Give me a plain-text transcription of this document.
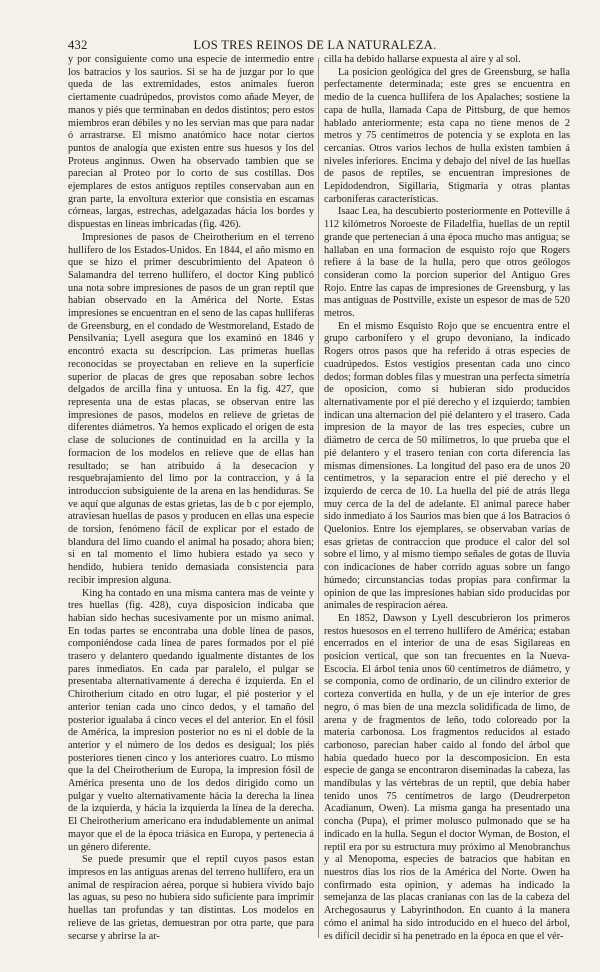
432	LOS TRES REINOS DE LA NATURALEZA.

y por consiguiente como una especie de intermedio entre los batracios y los saurios. Si se ha de juzgar por lo que queda de las extremidades, estos animales fueron ciertamente cuadrúpedos, provistos como añade Meyer, de manos y piés que terminaban en dedos distintos; pero estos miembros eran débiles y no les servian mas que para nadar ó arrastrarse. El mismo anatómico hace notar ciertos puntos de analogía que existen entre sus huesos y los del Proteus anginnus. Owen ha observado tambien que se parecian al Proteo por lo corto de sus costillas. Dos ejemplares de estos antiguos reptiles conservaban aun en gran parte, la envoltura exterior que consistia en escamas córneas, largas, estrechas, adelgazadas hácia los bordes y dispuestas en líneas imbricadas (fig. 426).

Impresiones de pasos de Cheirotherium en el terreno hullífero de los Estados-Unidos. En 1844, el año mismo en que se hizo el primer descubrimiento del Apateon ó Salamandra del terreno hullífero, el doctor King publicó una nota sobre impresiones de pasos de un gran reptil que habian observado en la América del Norte. Estas impresiones se encuentran en el seno de las capas hulliferas de Greensburg, en el condado de Westmoreland, Estado de Pensilvania; Lyell asegura que los examinó en 1846 y encontró exacta su descripcion. Las primeras huellas reconocidas se proyectaban en relieve en la superficie superior de placas de gres que reposaban sobre lechos delgados de arcilla fina y untuosa. En la fig. 427, que representa una de estas placas, se observan entre las impresiones de pasos, modelos en relieve de grietas de diferentes diámetros. Ya hemos explicado el origen de esta clase de soluciones de continuidad en la arcilla y la formacion de los modelos en relieve que de ellas han resultado; se han atribuido á la desecacion y resquebrajamiento del limo por la contraccion, y á la introduccion subsiguiente de la arena en las hendiduras. Se ve aquí que algunas de estas grietas, las de b c por ejemplo, atraviesan huellas de pasos y producen en ellas una especie de torsion, fenómeno fácil de explicar por el estado de blandura del limo cuando el animal ha posado; ahora bien; si en tal momento el limo hubiera estado ya seco y hendido, hubiera tenido demasiada consistencia para recibir impresion alguna.

King ha contado en una misma cantera mas de veinte y tres huellas (fig. 428), cuya disposicion indicaba que habian sido hechas sucesivamente por un mismo animal. En todas partes se encontraba una doble línea de pasos, componiéndose cada línea de pares formados por el pié trasero y delantero quedando igualmente distantes de los pares inmediatos. En cada par paralelo, el pulgar se presentaba alternativamente á derecha é izquierda. En el Chirotherium citado en otro lugar, el pié posterior y el anterior tenian cada uno cinco dedos, y el tamaño del posterior igualaba á cinco veces el del anterior. En el fósil de América, la impresion posterior no es ni el doble de la anterior y el número de los dedos es desigual; los piés posteriores tienen cinco y los anteriores cuatro. Lo mismo que la del Cheirotherium de Europa, la impresion fósil de América presenta uno de los dedos dirigido como un pulgar y vuelto alternativamente hácia la derecha la línea de la izquierda, y hácia la izquierda la línea de la derecha. El Cheirotherium americano era indudablemente un animal mayor que el de la época triásica en Europa, y pertenecia á un género diferente.

Se puede presumir que el reptil cuyos pasos estan impresos en las antiguas arenas del terreno hullífero, era un animal de respiracion aérea, porque si hubiera vivido bajo las aguas, su peso no hubiera sido suficiente para imprimir huellas tan profundas y tan distintas. Los modelos en relieve de las grietas, demuestran por otra parte, que para secarse y abrirse la ar-

cilla ha debido hallarse expuesta al aire y al sol.

La posicion geológica del gres de Greensburg, se halla perfectamente determinada; este gres se encuentra en medio de la cuenca hullífera de los Apalaches; sostiene la capa de hulla, llamada Capa de Pittsburg, de que hemos hablado anteriormente; esta capa no tiene menos de 2 metros y 75 centímetros de potencia y se explota en las cercanías. Otros varios lechos de hulla existen tambien á niveles inferiores. Encima y debajo del nivel de las huellas de pasos de reptiles, se encuentran impresiones de Lepidodendron, Sigillaria, Stigmaria y otras plantas carboníferas características.

Isaac Lea, ha descubierto posteriormente en Potteville á 112 kilómetros Noroeste de Filadelfia, huellas de un reptil grande que pertenecian á una época mucho mas antigua; se hallaban en una formacion de esquisto rojo que Rogers refiere á la base de la hulla, pero que otros geólogos consideran como la porcion superior del Antiguo Gres Rojo. Entre las capas de impresiones de Greensburg, y las mas antiguas de Posttville, existe un espesor de mas de 520 metros.

En el mismo Esquisto Rojo que se encuentra entre el grupo carbonífero y el grupo devoniano, la indicado Rogers otros pasos que ha referido á otras especies de cuadrúpedos. Estos vestigios presentan cada uno cinco dedos; forman dobles filas y muestran una perfecta simetría de oposicion, como si hubieran sido producidos alternativamente por el pié derecho y el izquierdo; tambien indican una alternacion del pié delantero y el trasero. Cada impresion de la mayor de las tres especies, cubre un diámetro de cerca de 50 milímetros, lo que prueba que el pié delantero y el trasero tenian con corta diferencia las mismas dimensiones. La longitud del paso era de unos 20 centímetros, y la separacion entre el pié derecho y el izquierdo de cerca de 10. La huella del pié de atrás llega muy cerca de la del de adelante. El animal parece haber sido inmediato á los Saurios mas bien que á los Batracios ó Quelonios. Entre los ejemplares, se observaban varias de esas grietas de contraccion que produce el calor del sol sobre el limo, y al mismo tiempo señales de gotas de lluvia con indicaciones de haber corrido aguas sobre un fango húmedo; circunstancias todas propias para confirmar la opinion de que las impresiones habian sido producidas por animales de respiracion aérea.

En 1852, Dawson y Lyell descubrieron los primeros restos huesosos en el terreno hullífero de América; estaban encerrados en el interior de una de esas Sigilareas en posicion vertical, que son tan frecuentes en la Nueva-Escocia. El árbol tenia unos 60 centímetros de diámetro, y se componia, como de ordinario, de un cilindro exterior de corteza convertida en hulla, y de un eje interior de gres negro, ó mas bien de una mezcla solidificada de limo, de arena y de fragmentos de leño, todo coloreado por la materia carbonosa. Los fragmentos reducidos al estado carbonoso, parecian haber caido al fondo del árbol que habia quedado hueco por la descomposicion. En esta especie de ganga se encontraron diseminadas la cabeza, las mandíbulas y las vértebras de un reptil, que debia haber tenido unos 75 centímetros de largo (Deudrerpeton Acadianum, Owen). La misma ganga ha presentado una concha (Pupa), el primer molusco pulmonado que se ha indicado en la hulla. Segun el doctor Wyman, de Boston, el reptil era por su estructura muy próximo al Menobranchus y al Menopoma, especies de batracios que habitan en nuestros dias los rios de la América del Norte. Owen ha confirmado esta opinion, y ademas ha indicado la semejanza de las placas cranianas con las de la cabeza del Archegosaurus y Labyrinthodon. En cuanto á la manera cómo el animal ha sido introducido en el hueco del árbol, es difícil decidir si ha penetrado en la época en que el vér-
